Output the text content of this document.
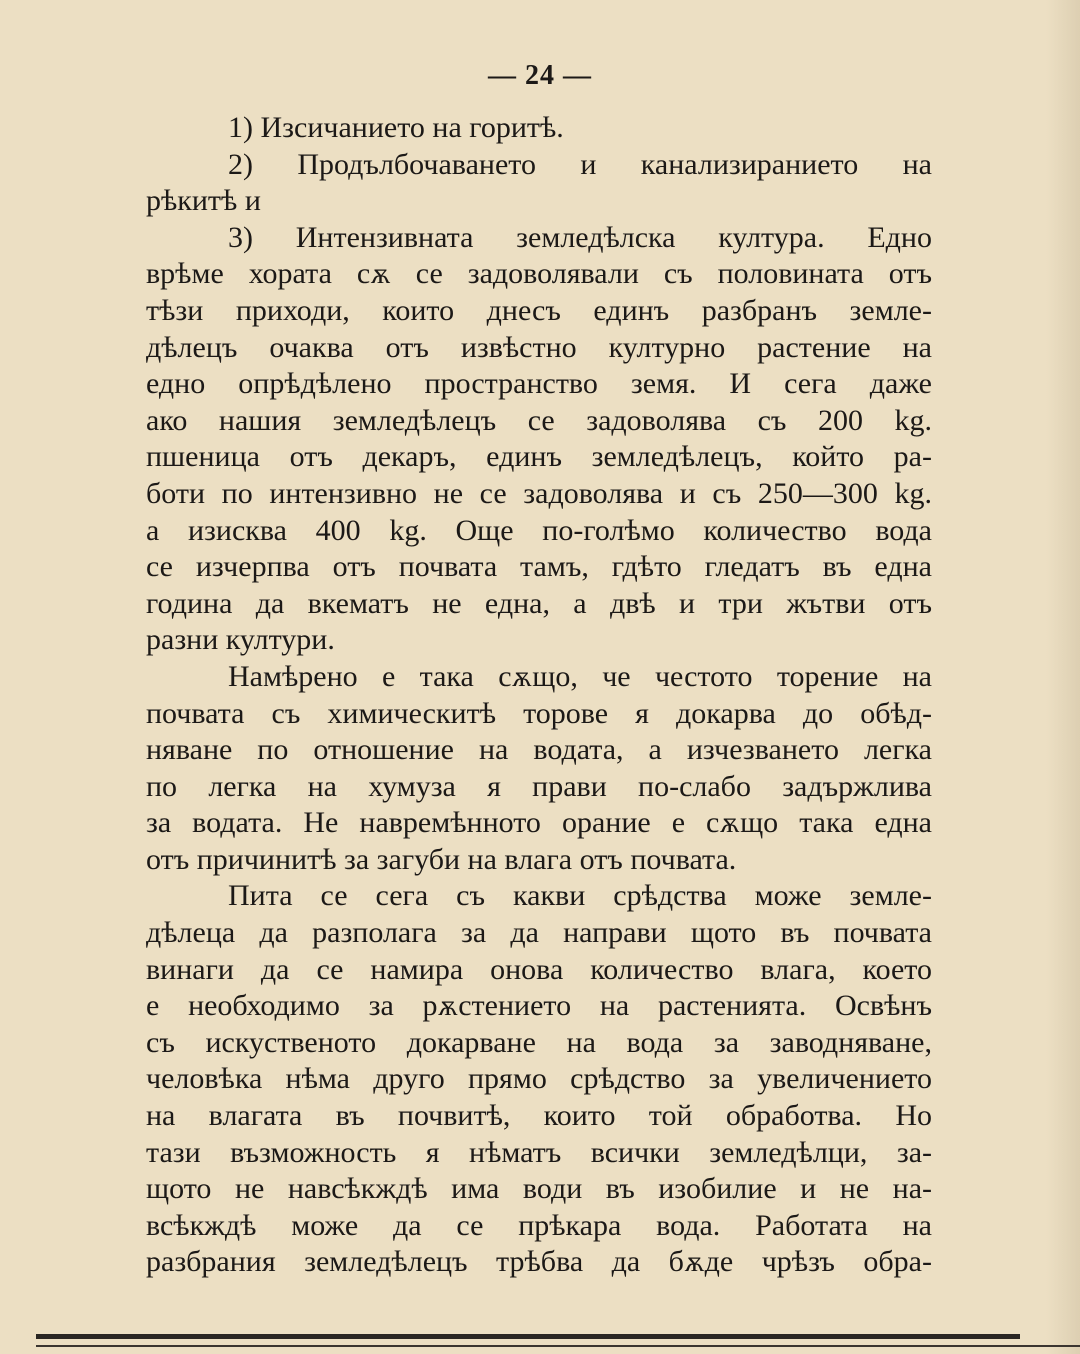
— 24 —
1) Изсичанието на горитѣ.
2) Продълбочаването и канализиранието на
рѣкитѣ и
3) Интензивната земледѣлска култура. Едно
врѣме хората сѫ се задоволявали съ половината отъ
тѣзи приходи, които днесъ единъ разбранъ земле-
дѣлецъ очаква отъ извѣстно културно растение на
едно опрѣдѣлено пространство земя. И сега даже
ако нашия земледѣлецъ се задоволява съ 200 kg.
пшеница отъ декаръ, единъ земледѣлецъ, който ра-
боти по интензивно не се задоволява и съ 250—300 kg.
а изисква 400 kg. Още по-голѣмо количество вода
се изчерпва отъ почвата тамъ, гдѣто гледатъ въ една
година да вкематъ не една, а двѣ и три жътви отъ
разни култури.
Намѣрено е така сѫщо, че честото торение на
почвата съ химическитѣ торове я докарва до обѣд-
няване по отношение на водата, а изчезването легка
по легка на хумуза я прави по-слабо задържлива
за водата. Не навремѣнното орание е сѫщо така една
отъ причинитѣ за загуби на влага отъ почвата.
Пита се сега съ какви срѣдства може земле-
дѣлеца да разполага за да направи щото въ почвата
винаги да се намира онова количество влага, което
е необходимо за рѫстението на растенията. Освѣнъ
съ искуственото докарване на вода за заводняване,
человѣка нѣма друго прямо срѣдство за увеличението
на влагата въ почвитѣ, които той обработва. Но
тази възможность я нѣматъ всички земледѣлци, за-
щото не навсѣкждѣ има води въ изобилие и не на-
всѣкждѣ може да се прѣкара вода. Работата на
разбрания земледѣлецъ трѣбва да бѫде чрѣзъ обра-
